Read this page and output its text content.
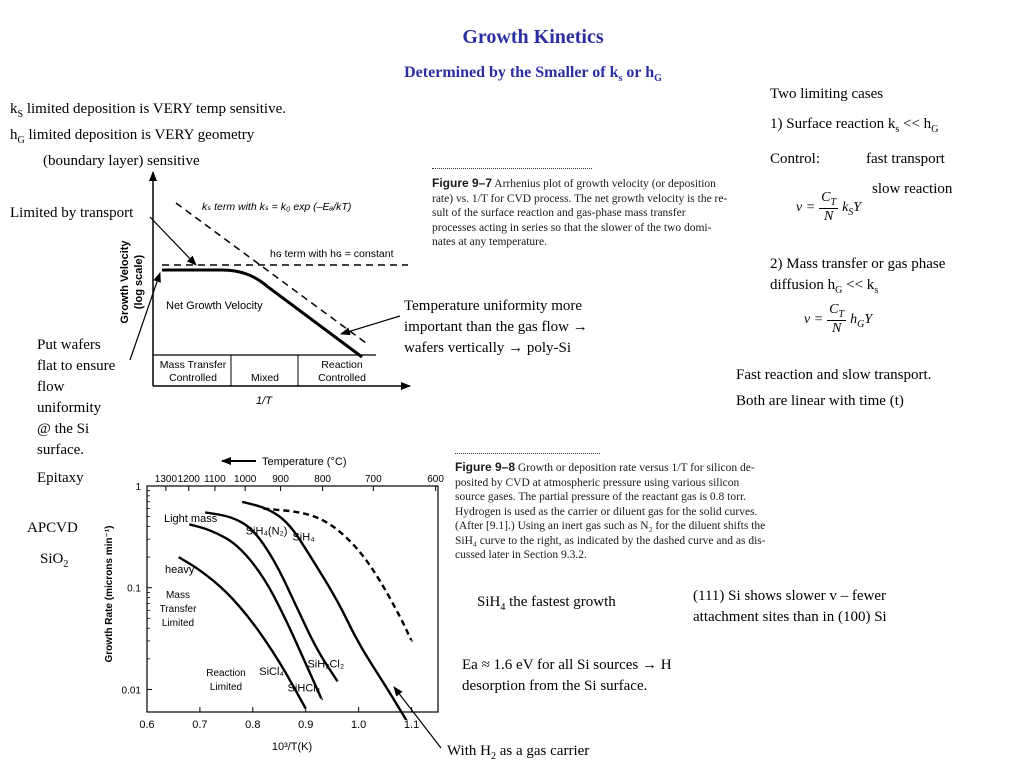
Growth Kinetics
Determined by the Smaller of $k_s$ or $h_G$
$k_S$ limited deposition is VERY temp sensitive.
$h_G$ limited deposition is VERY geometry
(boundary layer) sensitive
Limited by transport
Put wafers
flat to ensure
flow
uniformity
@ the Si
surface.
Epitaxy
APCVD
SiO$_2$
Temperature uniformity more
important than the gas flow →
wafers vertically → poly-Si
Two limiting cases
1) Surface reaction $k_s << h_G$
Control:	fast transport
slow reaction
$v = \frac{C_T}{N} k_SY$
2) Mass transfer or gas phase
diffusion $h_G << k_s$
$v = \frac{C_T}{N} h_GY$
Fast reaction and slow transport.
Both are linear with time (t)
Figure 9–7 Arrhenius plot of growth velocity (or deposition
rate) vs. 1/T for CVD process. The net growth velocity is the re-
sult of the surface reaction and gas-phase mass transfer
processes acting in series so that the slower of the two domi-
nates at any temperature.
Figure 9–8 Growth or deposition rate versus 1/T for silicon de-
posited by CVD at atmospheric pressure using various silicon
source gases. The partial pressure of the reactant gas is 0.8 torr.
Hydrogen is used as the carrier or diluent gas for the solid curves.
(After [9.1].) Using an inert gas such as N₂ for the diluent shifts the
SiH₄ curve to the right, as indicated by the dashed curve and as dis-
cussed later in Section 9.3.2.
SiH$_4$ the fastest growth	(111) Si shows slower v – fewer
attachment sites than in (100) Si
Ea ≈ 1.6 eV for all Si sources → H
desorption from the Si surface.
With $H_2$ as a gas carrier
kₛ term with kₛ = k₀ exp (–Eₐ/kT)
hɢ term with hɢ = constant
Net Growth Velocity
Growth Velocity (log scale)
Mass Transfer
Controlled	Mixed
Reaction
Controlled
1/T
Temperature (°C)
Growth Rate (microns min⁻¹)
10³/T(K)
Light mass
heavy
Mass
Transfer
Limited
Reaction
Limited
0.6	0.7	0.8	0.9	1.0	1.1
1
0.1
0.01
1300 1200 1100 1000 900	800	700	600
SiCl₄
SiHCl₃
SiH₂Cl₂
SiH₄
SiH₄(N₂)
